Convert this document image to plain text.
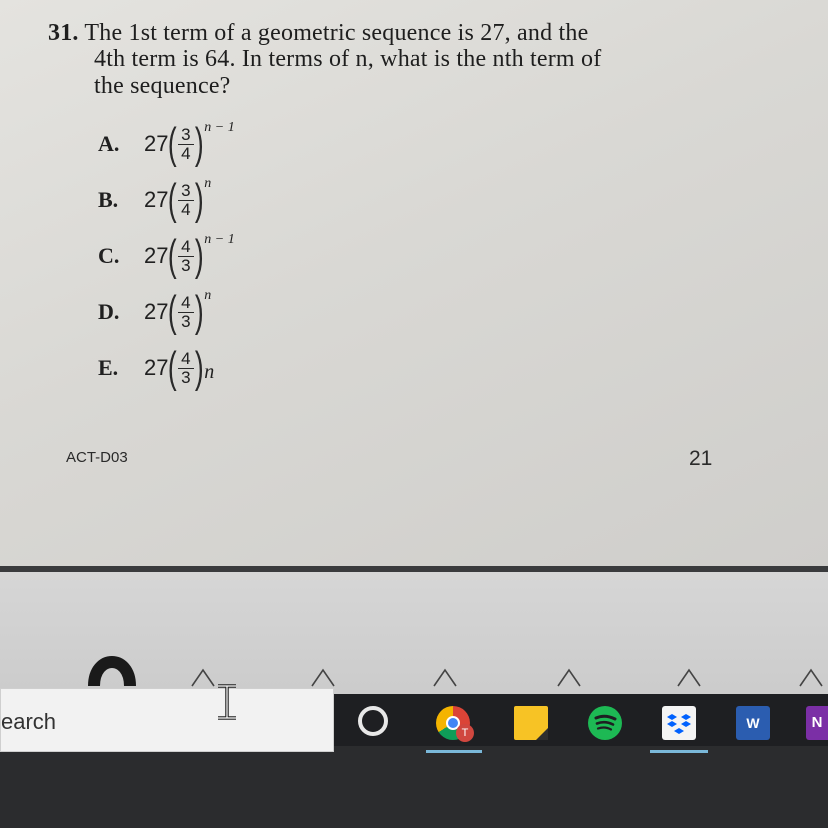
31. The 1st term of a geometric sequence is 27, and the
4th term is 64. In terms of n, what is the nth term of
the sequence?
A.	27 ( $\frac{3}{4}$ ) n − 1
B.	27 ( $\frac{3}{4}$ ) n
C.	27 ( $\frac{4}{3}$ ) n − 1
D.	27 ( $\frac{4}{3}$ ) n
E.	27 ( $\frac{4}{3}$ ) n
ACT-D03	21
earch	T
W	N
